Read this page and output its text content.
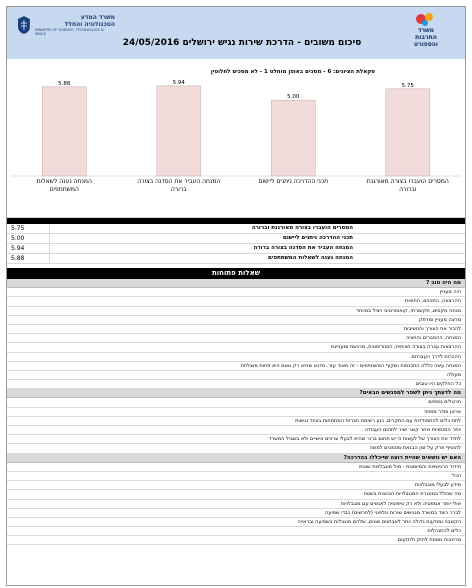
משרד המדע
הטכנולוגיה והחלל
MINISTRY OF SCIENCE, TECHNOLOGY & SPACE	משרד
התרבות
והספורט
סיכום משובים - הדרכת שירות נגיש ירושלים 24/05/2016
סקאלת הציונים: 6 - מסכים באופן מוחלט 1 - לא מסכים לחלוטין
5.75
5.00
5.94
5.88
המסרים הועברו בצורה מאורגנת וברורה
תכני ההדרכה ניתנים ליישום
המנחה העביר את הסדנה בצורה ברורה
המנחה נענה לשאלות המשתתפים
5.75	המסרים הועברו בצורה מאורגנת וברורה
5.00	תכני ההדרכה ניתנים ליישום
5.94	המנחה העביר את הסדנה בצורה ברורה
5.88	המנחה נענה לשאלות המשתתפים
שאלות פתוחות
מה היה טוב ?
היה מעניין
ההרצאה, התכנים, החוויות
מנחה מקסים, תקשורתי, קואופרטיבי ויציל במיוחד
מרצה מעניין ומרתק
להכיר את הצורך והחשיבות
המנחה, ההסברים והחוויה
ההרצאות עברה בצורה חוויתית, הומוריסטית, מרגשת ומעניינת
ההכרות לדרך העברתם
המנחה עשה כללה התכנסות ושקוף המשתתפים - זה מאוד עזר. סדנא שהיא רק נאום היא פחות מוצלחת
מעולה
כל החלקים היו טובים
מה לדעתך ניתן לשפר למפגשים הבאים?
תרגולים נוספים
ארגון וסדר מופתי
לתת כלים להתמודדות עם המקרים, כגון רשימת חברות המתמחות בציוד נגישות
יותר התנסויות ויותר קשר ישיר לתחום העבודה
לחדד את הצורך של לעשות כי יש תחום ברור שהיא לבעלי צרכים אישיים ולא בשביל המשרד
להוסיף פרק על זמן הבנאת מסמכים למשה
האם יש נושאים שהיית רוצה שייכללו בהדרכה?
חידוד הרגישויות והמיומנות - מול מוגבלויות שונות
הכל
מידע לבעלי מוגבלויות
מה שכולל במסגרת המוגבלויות הנכונות בשטח
אולי יותר אמפטיה ולא רק טיפוסיה לאנשים עם מוגבלויות
לברר כיצד במשרד מנגישים שירות טלפוני (לחרשים) כבדי שמיעה
הקשבה ומודעות גדולה יותר לאבחנים שונים, שלהם מוגבלות בשמיעה ובראייה
כלים להתנהלות
מרחבות נוספת לחוק ולתקנים
